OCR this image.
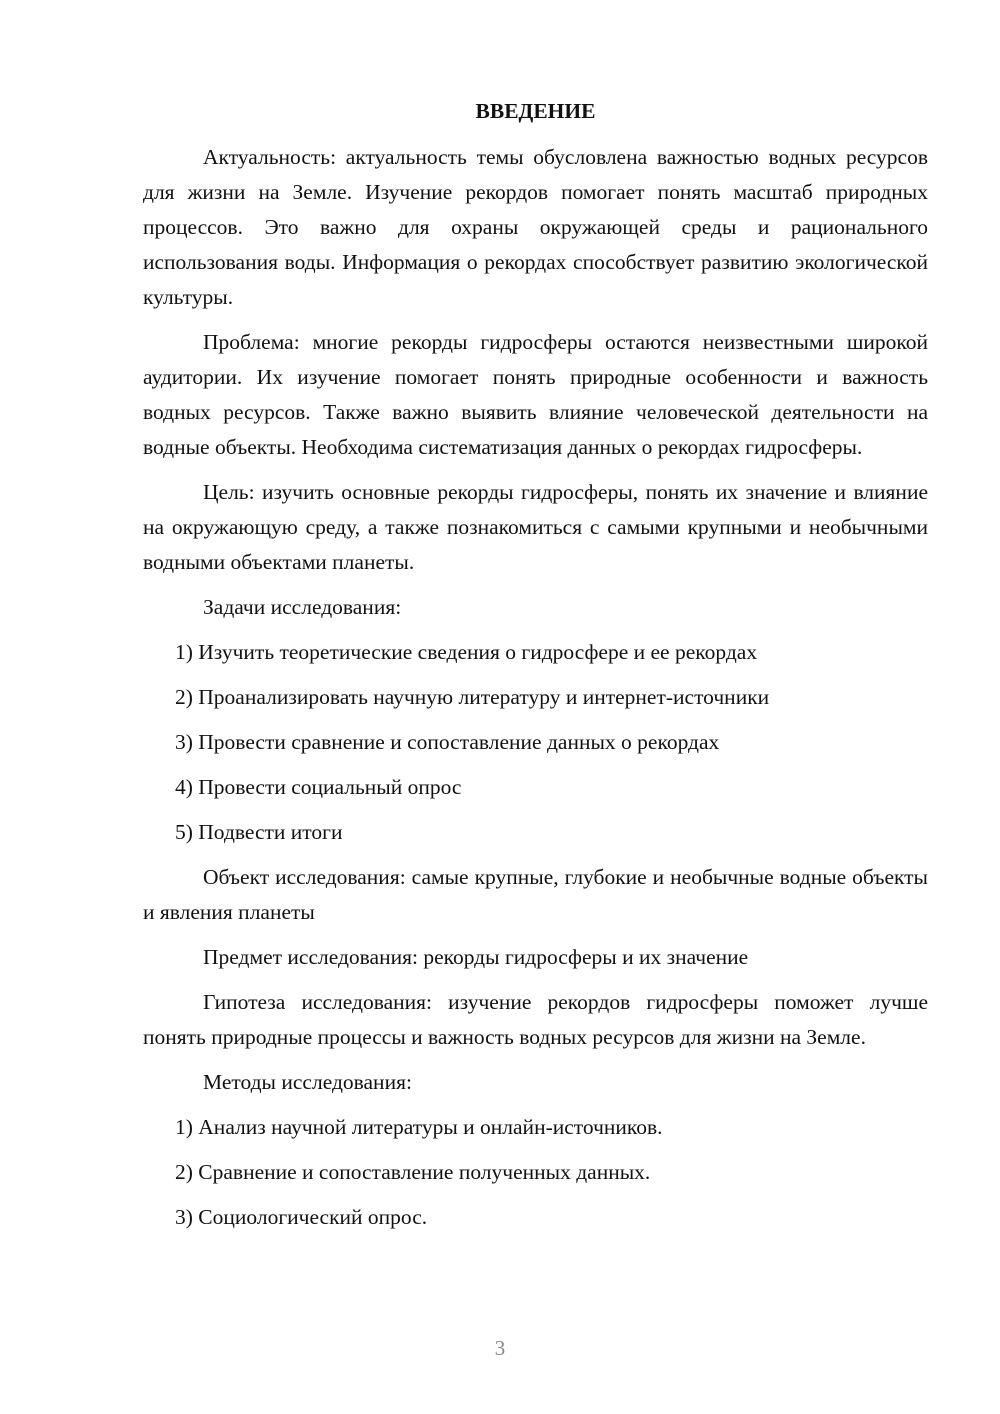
ВВЕДЕНИЕ

Актуальность: актуальность темы обусловлена важностью водных ресурсов для жизни на Земле. Изучение рекордов помогает понять масштаб природных процессов. Это важно для охраны окружающей среды и рационального использования воды. Информация о рекордах способствует развитию экологической культуры.

Проблема: многие рекорды гидросферы остаются неизвестными широкой аудитории. Их изучение помогает понять природные особенности и важность водных ресурсов. Также важно выявить влияние человеческой деятельности на водные объекты. Необходима систематизация данных о рекордах гидросферы.

Цель: изучить основные рекорды гидросферы, понять их значение и влияние на окружающую среду, а также познакомиться с самыми крупными и необычными водными объектами планеты.

Задачи исследования:

1) Изучить теоретические сведения о гидросфере и ее рекордах
2) Проанализировать научную литературу и интернет-источники
3) Провести сравнение и сопоставление данных о рекордах
4) Провести социальный опрос
5) Подвести итоги

Объект исследования: самые крупные, глубокие и необычные водные объекты и явления планеты

Предмет исследования: рекорды гидросферы и их значение

Гипотеза исследования: изучение рекордов гидросферы поможет лучше понять природные процессы и важность водных ресурсов для жизни на Земле.

Методы исследования:

1) Анализ научной литературы и онлайн-источников.
2) Сравнение и сопоставление полученных данных.
3) Социологический опрос.
3
